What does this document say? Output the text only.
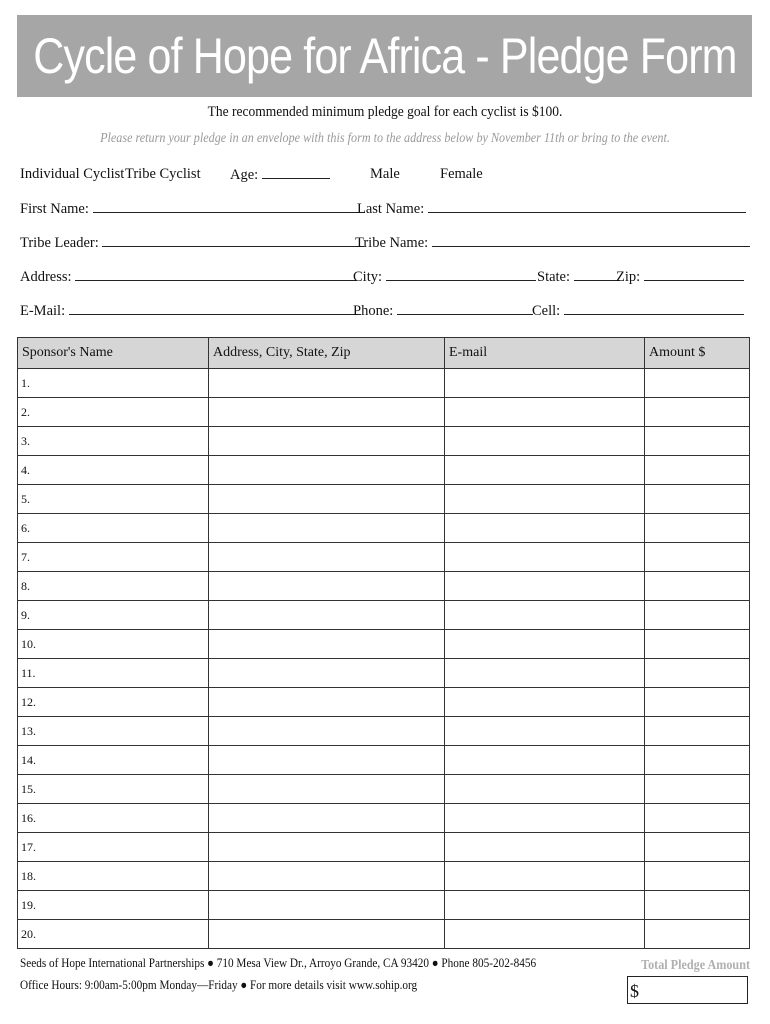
Cycle of Hope for Africa - Pledge Form
The recommended minimum pledge goal for each cyclist is $100.
Please return your pledge in an envelope with this form to the address below by November 11th or bring to the event.
Individual Cyclist Tribe Cyclist Age:	Male	Female
First Name:	Last Name:
Tribe Leader:	Tribe Name:
Address:	City:	State:	Zip:
E-Mail:	Phone:	Cell:
Sponsor's Name	Address, City, State, Zip	E-mail	Amount $
1.			
2.			
3.			
4.			
5.			
6.			
7.			
8.			
9.			
10.			
11.			
12.			
13.			
14.			
15.			
16.			
17.			
18.			
19.			
20.			
Seeds of Hope International Partnerships ● 710 Mesa View Dr., Arroyo Grande, CA 93420 ● Phone 805-202-8456
Office Hours: 9:00am-5:00pm Monday—Friday ● For more details visit www.sohip.org
Total Pledge Amount
$
